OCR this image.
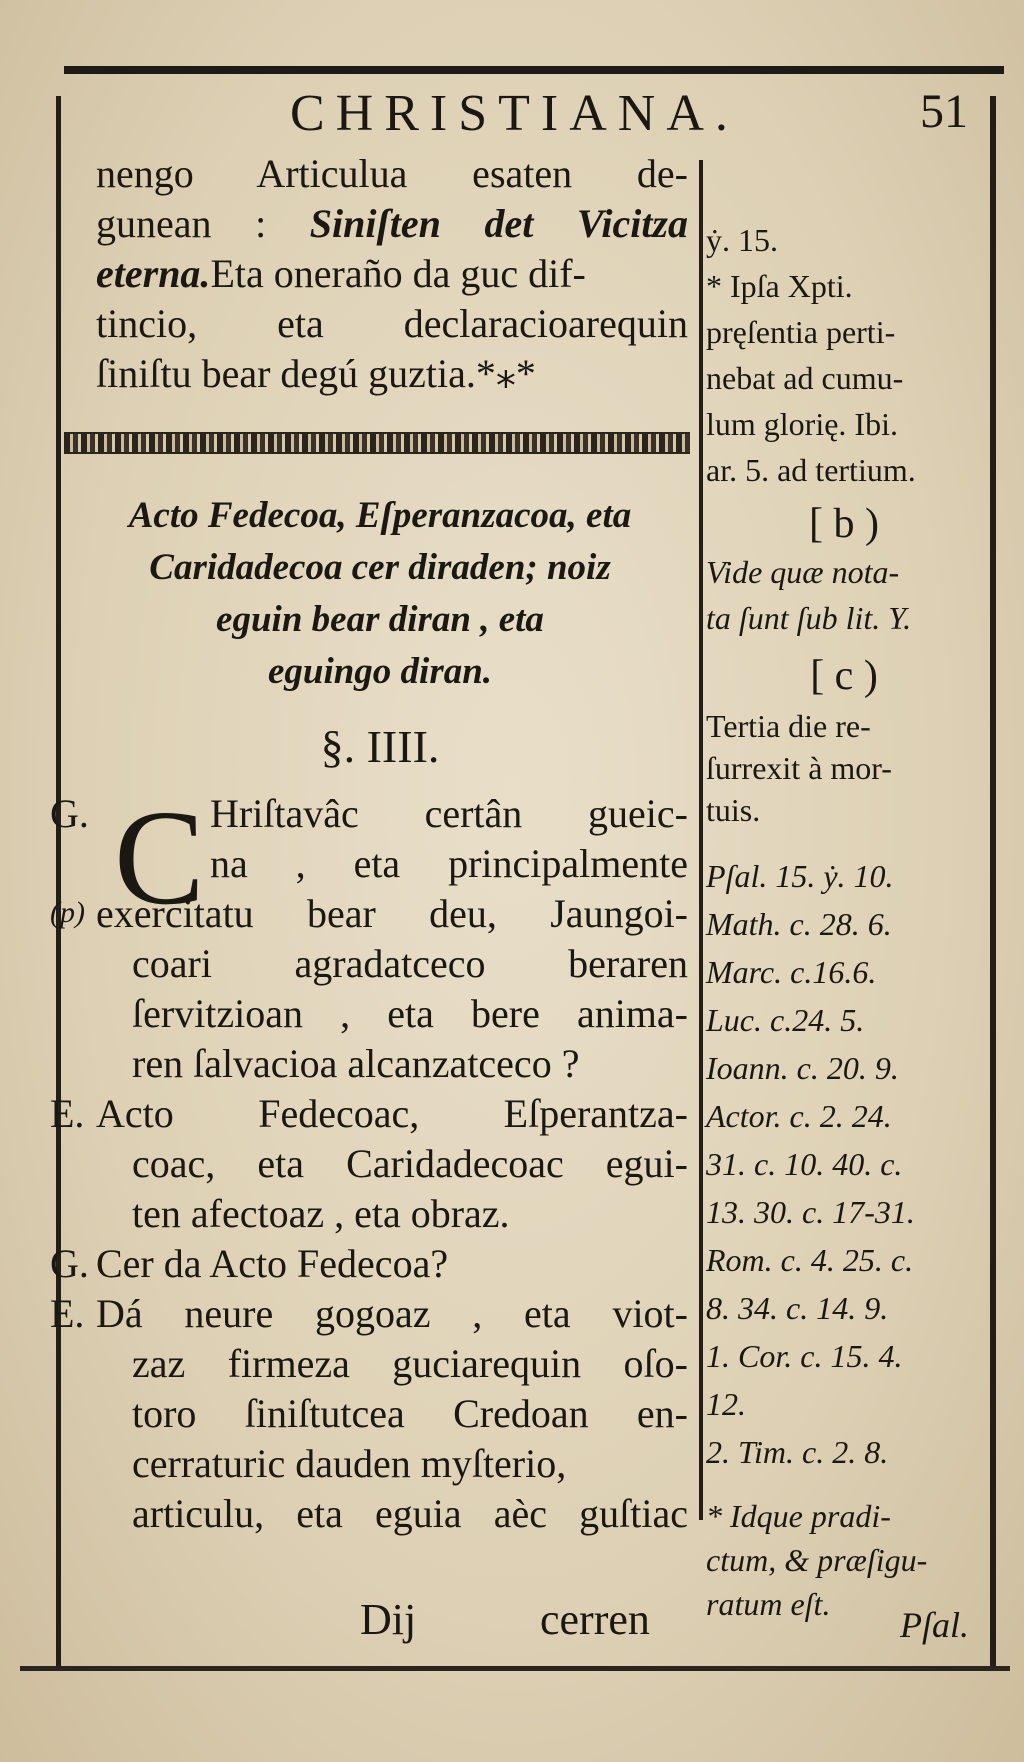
CHRISTIANA.	51
nengo Articulua esaten de-
gunean : Siniſten det Vicitza
eterna.Eta oneraño da guc dif-
tincio, eta declaracioarequin
ſiniſtu bear degú guztia.*⁎*
Acto Fedecoa, Eſperanzacoa, eta
Caridadecoa cer diraden; noiz
eguin bear diran , eta
eguingo diran.
§. IIII.
C
G.	Hriſtavâc certân gueic-
na , eta principalmente
(p) exercitatu bear deu, Jaungoi-
coari agradatceco beraren
ſervitzioan , eta bere anima-
ren ſalvacioa alcanzatceco ?
E. Acto Fedecoac, Eſperantza-
coac, eta Caridadecoac egui-
ten afectoaz , eta obraz.
G. Cer da Acto Fedecoa?
E. Dá neure gogoaz , eta viot-
zaz firmeza guciarequin oſo-
toro ſiniſtutcea Credoan en-
cerraturic dauden myſterio,
articulu, eta eguia aèc guſtiac
ẏ. 15.
* Ipſa Xpti.
pręſentia perti-
nebat ad cumu-
lum glorię. Ibi.
ar. 5. ad tertium.
[ b )
Vide quæ nota-
ta ſunt ſub lit. Υ.
[ c )
Tertia die re-
ſurrexit à mor-
tuis.
Pſal. 15. ẏ. 10.
Math. c. 28. 6.
Marc. c.16.6.
Luc. c.24. 5.
Ioann. c. 20. 9.
Actor. c. 2. 24.
31. c. 10. 40. c.
13. 30. c. 17-31.
Rom. c. 4. 25. c.
8. 34. c. 14. 9.
1. Cor. c. 15. 4.
12.
2. Tim. c. 2. 8.
* Idque pradi-
ctum, & præſigu-
ratum eſt.
Dij	cerren	Pſal.
